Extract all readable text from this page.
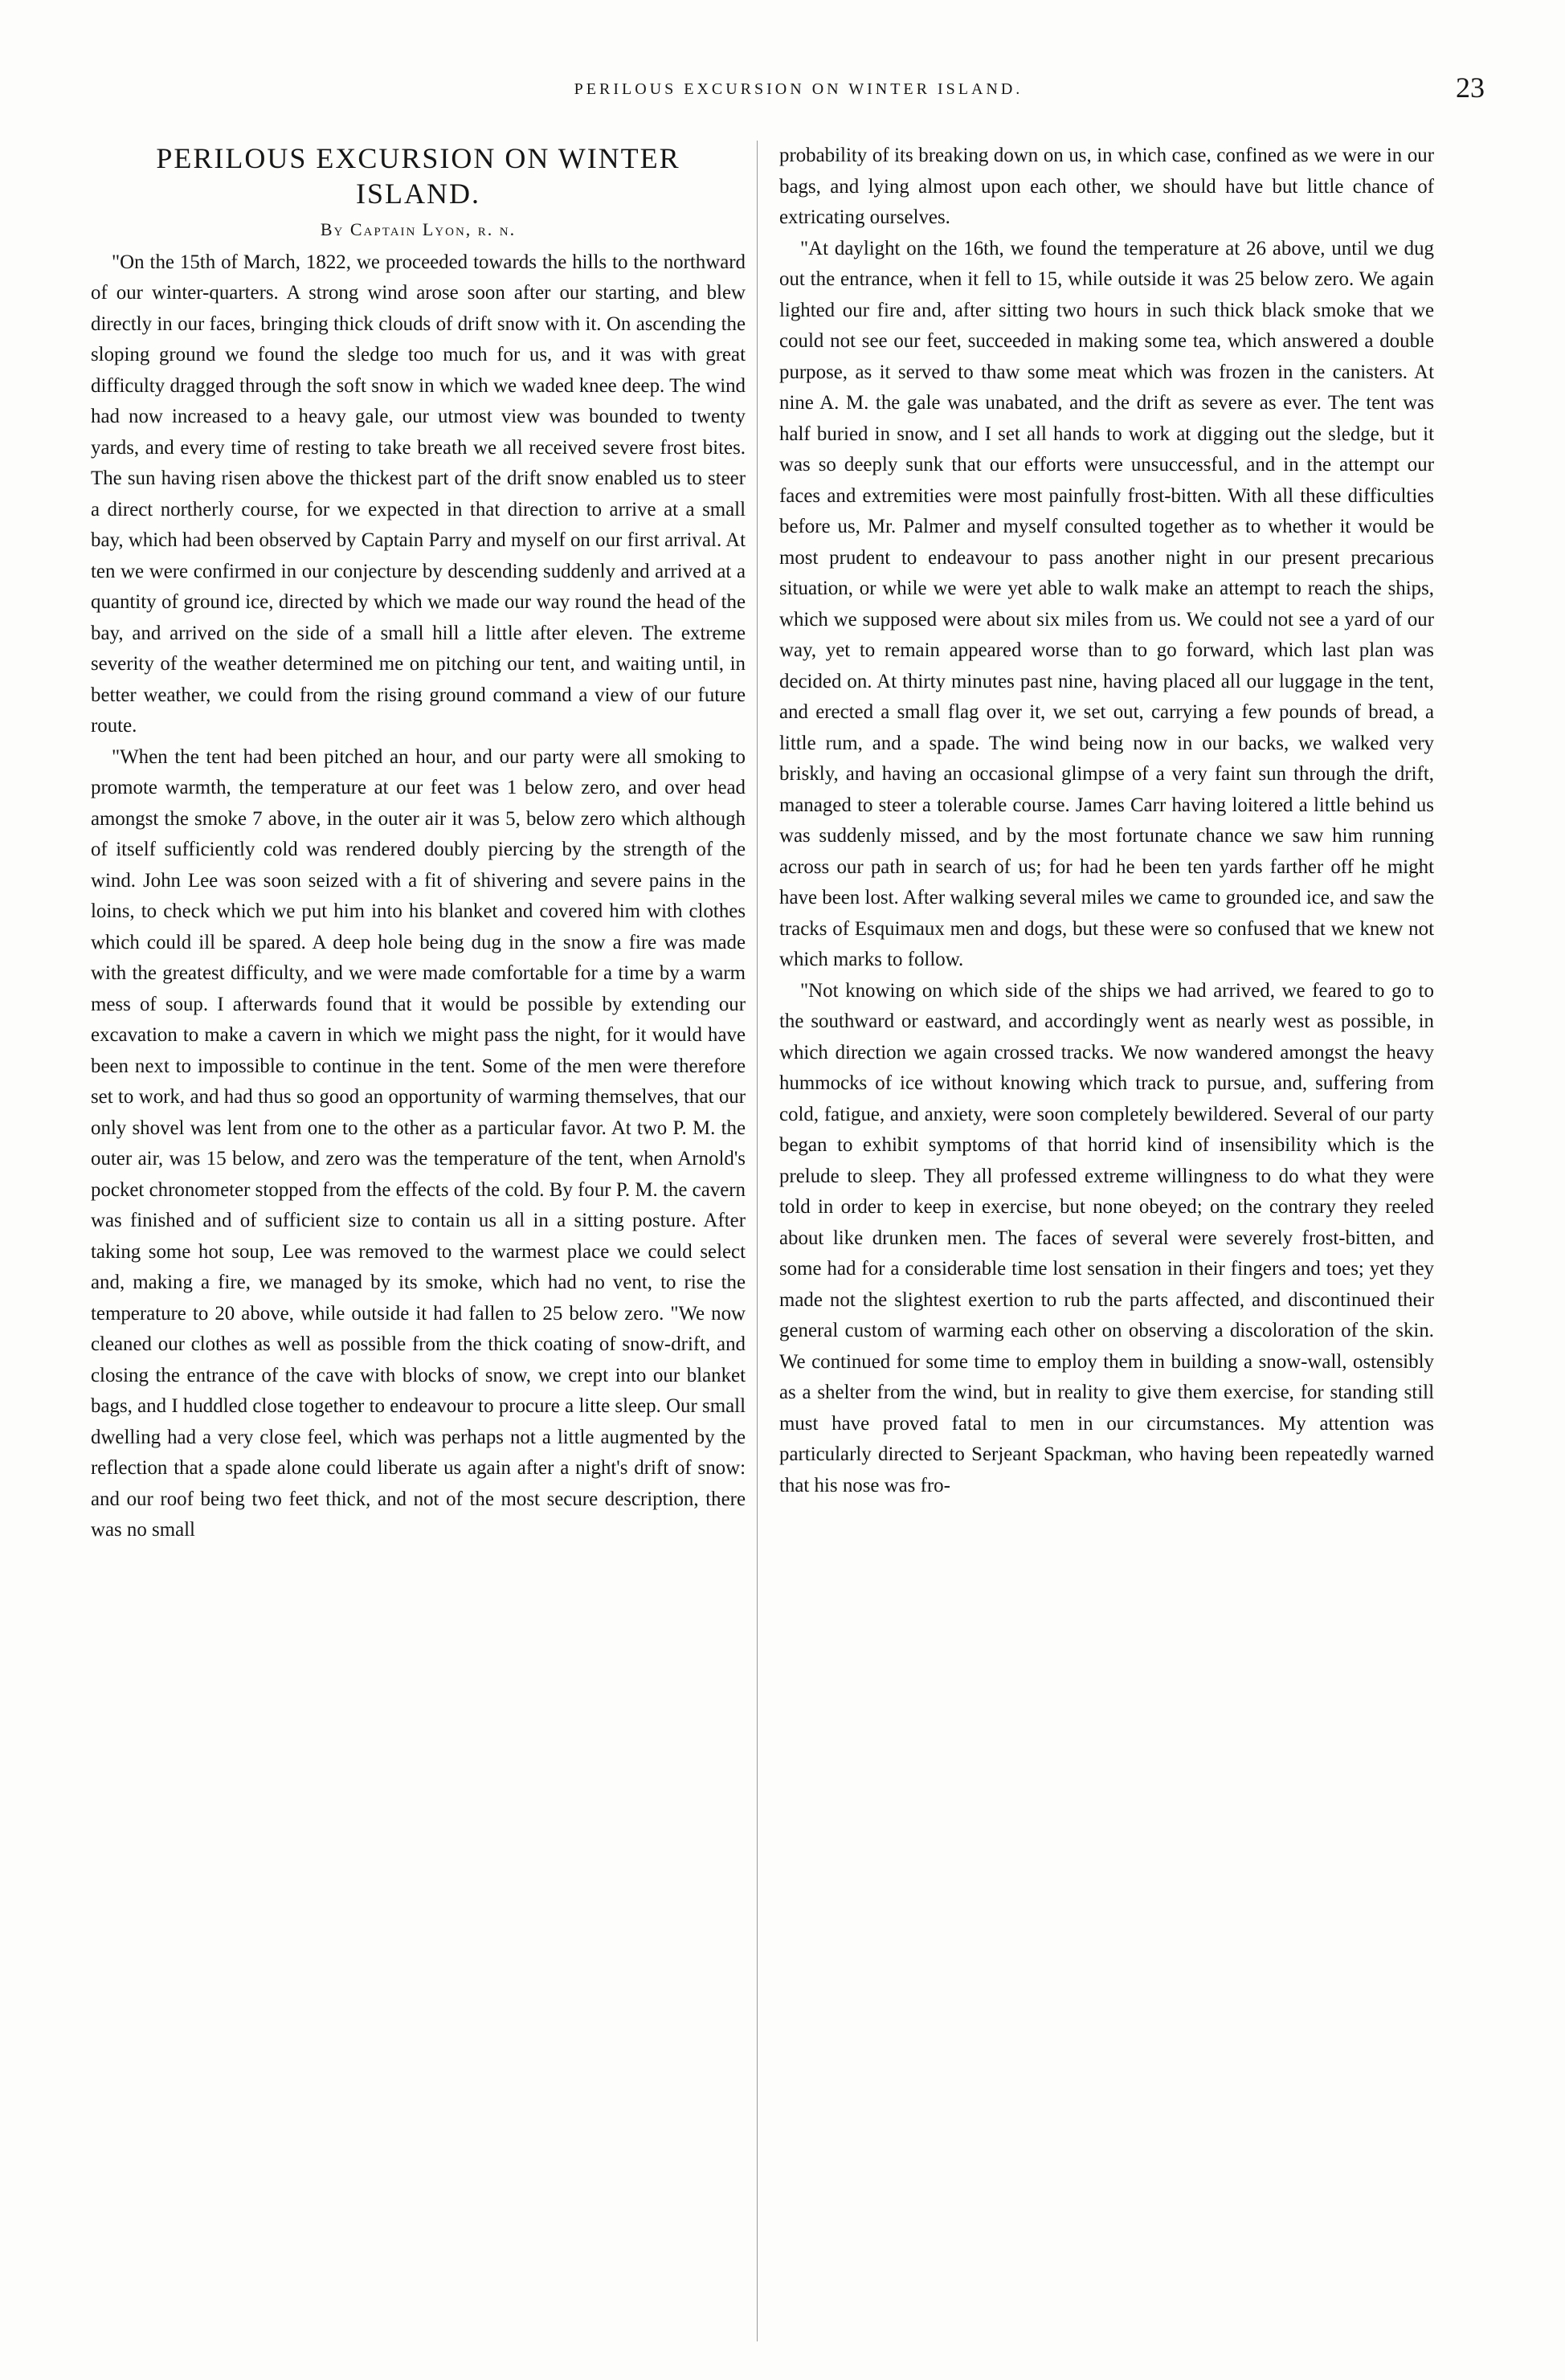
PERILOUS EXCURSION ON WINTER ISLAND.	23
PERILOUS EXCURSION ON WINTER ISLAND.
By Captain Lyon, r. n.

"On the 15th of March, 1822, we proceeded towards the hills to the northward of our winter-quarters. A strong wind arose soon after our starting, and blew directly in our faces, bringing thick clouds of drift snow with it. On ascending the sloping ground we found the sledge too much for us, and it was with great difficulty dragged through the soft snow in which we waded knee deep. The wind had now increased to a heavy gale, our utmost view was bounded to twenty yards, and every time of resting to take breath we all received severe frost bites. The sun having risen above the thickest part of the drift snow enabled us to steer a direct northerly course, for we expected in that direction to arrive at a small bay, which had been observed by Captain Parry and myself on our first arrival. At ten we were confirmed in our conjecture by descending suddenly and arrived at a quantity of ground ice, directed by which we made our way round the head of the bay, and arrived on the side of a small hill a little after eleven. The extreme severity of the weather determined me on pitching our tent, and waiting until, in better weather, we could from the rising ground command a view of our future route.

"When the tent had been pitched an hour, and our party were all smoking to promote warmth, the temperature at our feet was 1 below zero, and over head amongst the smoke 7 above, in the outer air it was 5, below zero which although of itself sufficiently cold was rendered doubly piercing by the strength of the wind. John Lee was soon seized with a fit of shivering and severe pains in the loins, to check which we put him into his blanket and covered him with clothes which could ill be spared. A deep hole being dug in the snow a fire was made with the greatest difficulty, and we were made comfortable for a time by a warm mess of soup. I afterwards found that it would be possible by extending our excavation to make a cavern in which we might pass the night, for it would have been next to impossible to continue in the tent. Some of the men were therefore set to work, and had thus so good an opportunity of warming themselves, that our only shovel was lent from one to the other as a particular favor. At two P. M. the outer air, was 15 below, and zero was the temperature of the tent, when Arnold's pocket chronometer stopped from the effects of the cold. By four P. M. the cavern was finished and of sufficient size to contain us all in a sitting posture. After taking some hot soup, Lee was removed to the warmest place we could select and, making a fire, we managed by its smoke, which had no vent, to rise the temperature to 20 above, while outside it had fallen to 25 below zero. "We now cleaned our clothes as well as possible from the thick coating of snow-drift, and closing the entrance of the cave with blocks of snow, we crept into our blanket bags, and I huddled close together to endeavour to procure a litte sleep. Our small dwelling had a very close feel, which was perhaps not a little augmented by the reflection that a spade alone could liberate us again after a night's drift of snow: and our roof being two feet thick, and not of the most secure description, there was no small

probability of its breaking down on us, in which case, confined as we were in our bags, and lying almost upon each other, we should have but little chance of extricating ourselves.

"At daylight on the 16th, we found the temperature at 26 above, until we dug out the entrance, when it fell to 15, while outside it was 25 below zero. We again lighted our fire and, after sitting two hours in such thick black smoke that we could not see our feet, succeeded in making some tea, which answered a double purpose, as it served to thaw some meat which was frozen in the canisters. At nine A. M. the gale was unabated, and the drift as severe as ever. The tent was half buried in snow, and I set all hands to work at digging out the sledge, but it was so deeply sunk that our efforts were unsuccessful, and in the attempt our faces and extremities were most painfully frost-bitten. With all these difficulties before us, Mr. Palmer and myself consulted together as to whether it would be most prudent to endeavour to pass another night in our present precarious situation, or while we were yet able to walk make an attempt to reach the ships, which we supposed were about six miles from us. We could not see a yard of our way, yet to remain appeared worse than to go forward, which last plan was decided on. At thirty minutes past nine, having placed all our luggage in the tent, and erected a small flag over it, we set out, carrying a few pounds of bread, a little rum, and a spade. The wind being now in our backs, we walked very briskly, and having an occasional glimpse of a very faint sun through the drift, managed to steer a tolerable course. James Carr having loitered a little behind us was suddenly missed, and by the most fortunate chance we saw him running across our path in search of us; for had he been ten yards farther off he might have been lost. After walking several miles we came to grounded ice, and saw the tracks of Esquimaux men and dogs, but these were so confused that we knew not which marks to follow.

"Not knowing on which side of the ships we had arrived, we feared to go to the southward or eastward, and accordingly went as nearly west as possible, in which direction we again crossed tracks. We now wandered amongst the heavy hummocks of ice without knowing which track to pursue, and, suffering from cold, fatigue, and anxiety, were soon completely bewildered. Several of our party began to exhibit symptoms of that horrid kind of insensibility which is the prelude to sleep. They all professed extreme willingness to do what they were told in order to keep in exercise, but none obeyed; on the contrary they reeled about like drunken men. The faces of several were severely frost-bitten, and some had for a considerable time lost sensation in their fingers and toes; yet they made not the slightest exertion to rub the parts affected, and discontinued their general custom of warming each other on observing a discoloration of the skin. We continued for some time to employ them in building a snow-wall, ostensibly as a shelter from the wind, but in reality to give them exercise, for standing still must have proved fatal to men in our circumstances. My attention was particularly directed to Serjeant Spackman, who having been repeatedly warned that his nose was fro-
